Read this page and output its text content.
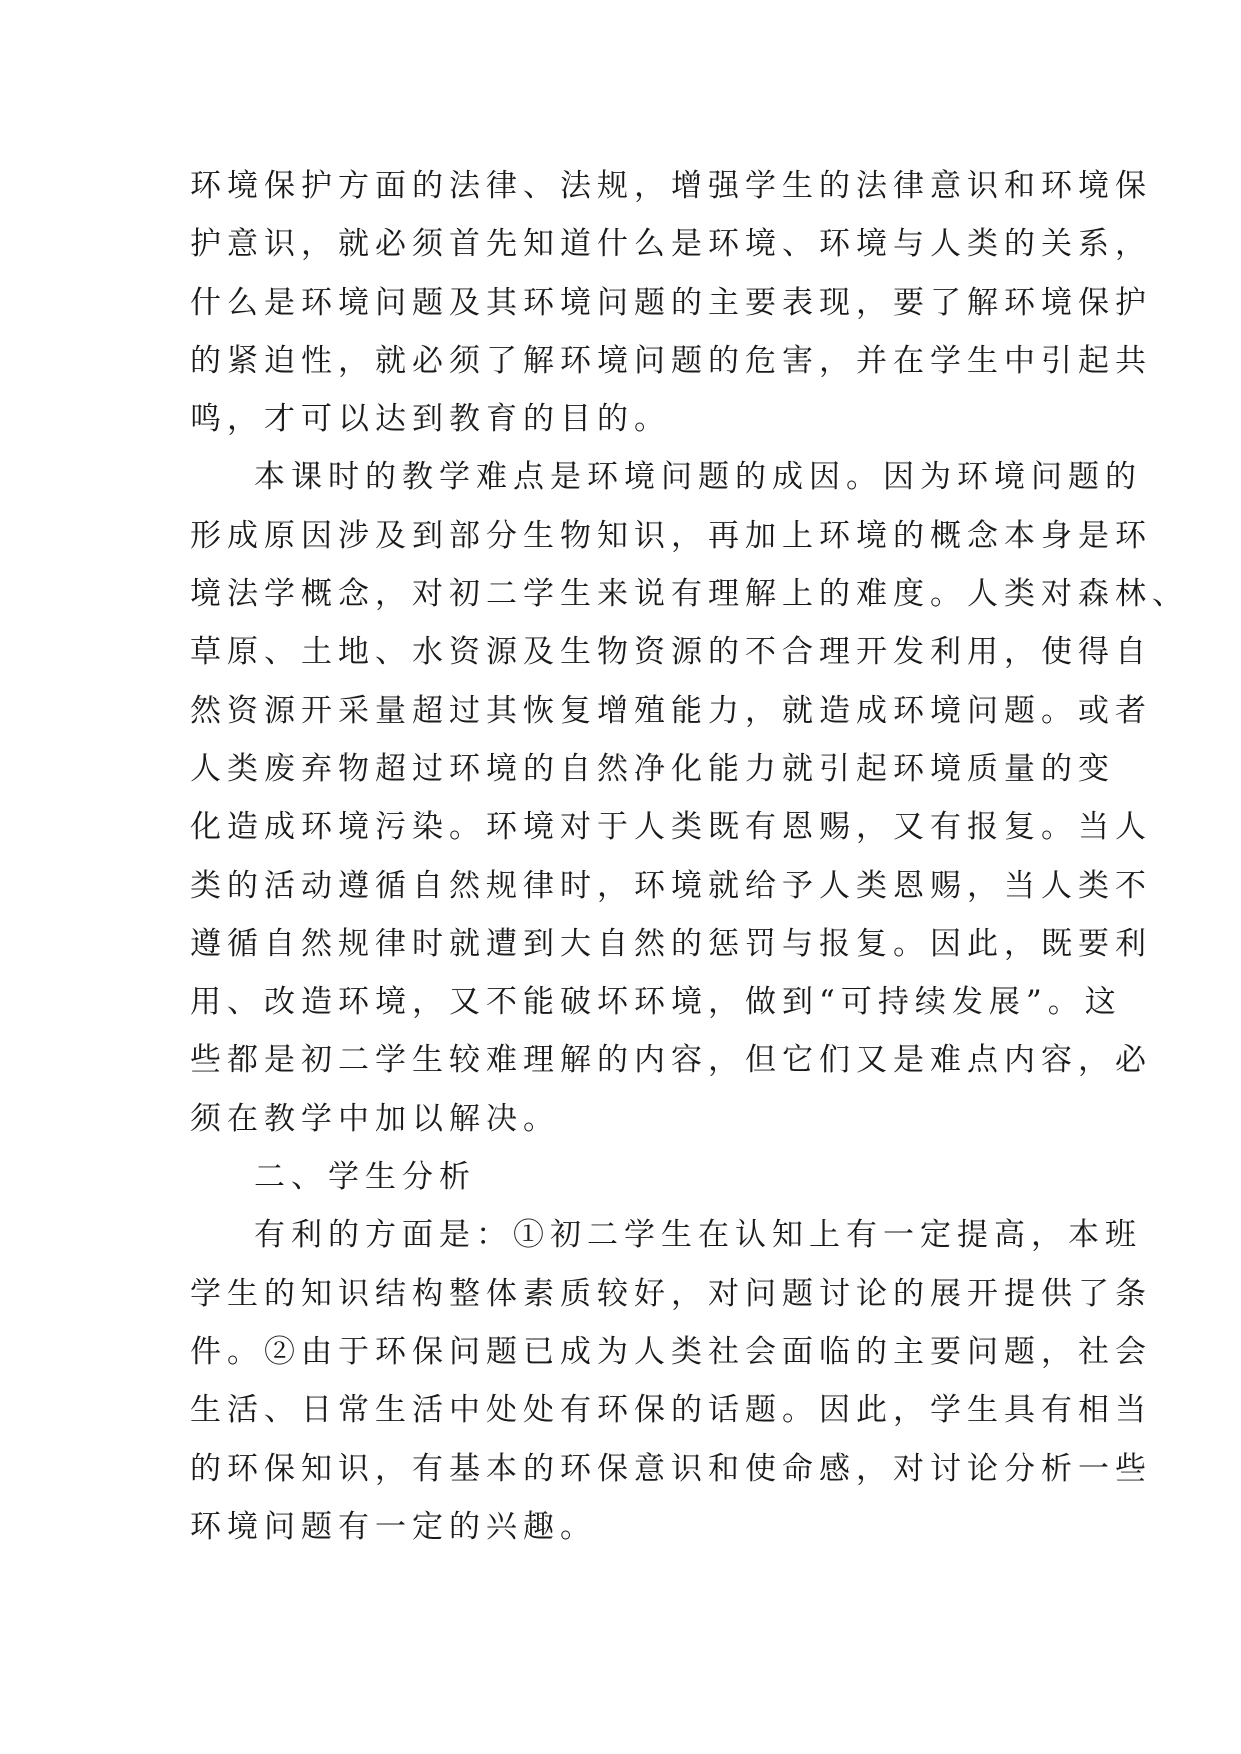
环境保护方面的法律、法规，增强学生的法律意识和环境保
护意识，就必须首先知道什么是环境、环境与人类的关系，
什么是环境问题及其环境问题的主要表现，要了解环境保护
的紧迫性，就必须了解环境问题的危害，并在学生中引起共
鸣，才可以达到教育的目的。
本课时的教学难点是环境问题的成因。因为环境问题的
形成原因涉及到部分生物知识，再加上环境的概念本身是环
境法学概念，对初二学生来说有理解上的难度。人类对森林、
草原、土地、水资源及生物资源的不合理开发利用，使得自
然资源开采量超过其恢复增殖能力，就造成环境问题。或者
人类废弃物超过环境的自然净化能力就引起环境质量的变
化造成环境污染。环境对于人类既有恩赐，又有报复。当人
类的活动遵循自然规律时，环境就给予人类恩赐，当人类不
遵循自然规律时就遭到大自然的惩罚与报复。因此，既要利
用、改造环境，又不能破坏环境，做到“可持续发展”。这
些都是初二学生较难理解的内容，但它们又是难点内容，必
须在教学中加以解决。
二、学生分析
有利的方面是：①初二学生在认知上有一定提高，本班
学生的知识结构整体素质较好，对问题讨论的展开提供了条
件。②由于环保问题已成为人类社会面临的主要问题，社会
生活、日常生活中处处有环保的话题。因此，学生具有相当
的环保知识，有基本的环保意识和使命感，对讨论分析一些
环境问题有一定的兴趣。
